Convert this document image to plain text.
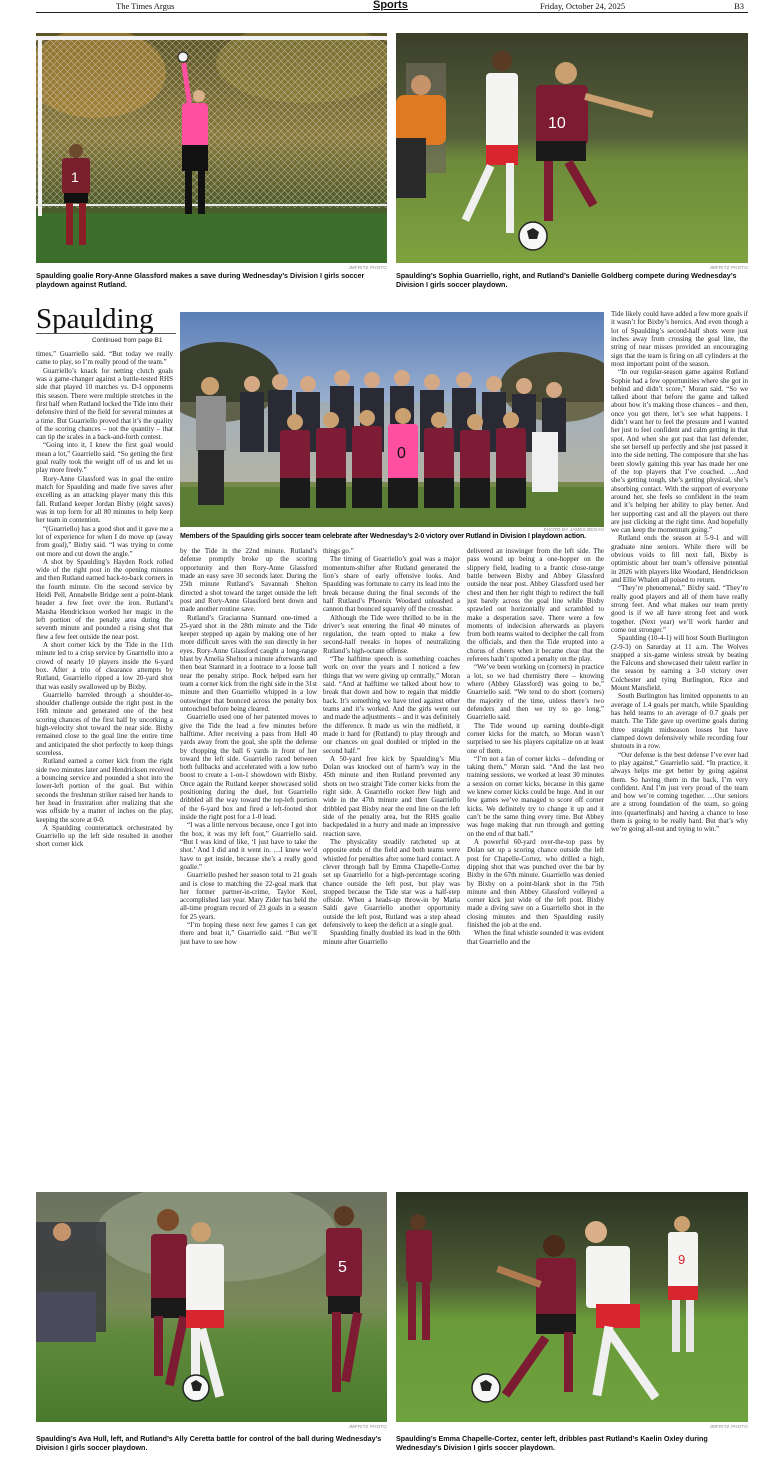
The Times Argus	Sports	Friday, October 24, 2025	B3
1
JMFRITZ PHOTO
Spaulding goalie Rory-Anne Glassford makes a save during Wednesday’s Division I girls soccer playdown against Rutland.
10
JMFRITZ PHOTO
Spaulding’s Sophia Guarriello, right, and Rutland’s Danielle Goldberg compete during Wednesday’s Division I girls soccer playdown.
Spaulding
Continued from page B1
0
PHOTO BY JAMES BEGAN
Members of the Spaulding girls soccer team celebrate after Wednesday’s 2-0 victory over Rutland in Division I playdown action.

times,” Guarriello said. “But today we really came to play, so I’m really proud of the team.”

Guarriello’s knack for netting clutch goals was a game-changer against a battle-tested RHS side that played 10 matches vs. D-I opponents this season. There were multiple stretches in the first half when Rutland locked the Tide into their defensive third of the field for several minutes at a time. But Guarriello proved that it’s the quality of the scoring chances – not the quantity – that can tip the scales in a back-and-forth contest.

“Going into it, I knew the first goal would mean a lot,” Guarriello said. “So getting the first goal really took the weight off of us and let us play more freely.”

Rory-Anne Glassford was in goal the entire match for Spaulding and made five saves after excelling as an attacking player many this this fall. Rutland keeper Jordan Bixby (eight saves) was in top form for all 80 minutes to help keep her team in contention.

“(Guarriello) has a good shot and it gave me a lot of experience for when I do move up (away from goal),” Bixby said. “I was trying to come out more and cut down the angle.”

A shot by Spaulding’s Hayden Rock rolled wide of the right post in the opening minutes and then Rutland earned back-to-back corners in the fourth minute. On the second service by Heidi Pell, Annabelle Bridge sent a point-blank header a few feet over the iron. Rutland’s Maisha Hendrickson worked her magic in the left portion of the penalty area during the seventh minute and pounded a rising shot that flew a few feet outside the near post.

A short corner kick by the Tide in the 11th minute led to a crisp service by Guarriello into a crowd of nearly 10 players inside the 6-yard box. After a trio of clearance attempts by Rutland, Guarriello ripped a low 20-yard shot that was easily swallowed up by Bixby.

Guarriello barreled through a shoulder-to-shoulder challenge outside the right post in the 16th minute and generated one of the best scoring chances of the first half by uncorking a high-velocity shot toward the near side. Bixby remained close to the goal line the entire time and anticipated the shot perfectly to keep things scoreless.

Rutland earned a corner kick from the right side two minutes later and Hendricksen received a bouncing service and pounded a shot into the lower-left portion of the goal. But within seconds the freshman striker raised her hands to her head in frustration after realizing that she was offside by a matter of inches on the play, keeping the score at 0-0.

A Spaulding counterattack orchestrated by Guarriello up the left side resulted in another short corner kick

by the Tide in the 22nd minute. Rutland’s defense promptly broke up the scoring opportunity and then Rory-Anne Glassford made an easy save 30 seconds later. During the 25th minute Rutland’s Savannah Shelton directed a shot toward the target outside the left post and Rory-Anne Glassford bent down and made another routine save.

Rutland’s Gracianna Stannard one-timed a 25-yard shot in the 28th minute and the Tide keeper stepped up again by making one of her more difficult saves with the sun directly in her eyes. Rory-Anne Glassford caught a long-range blast by Amelia Shelton a minute afterwards and then beat Stannard in a footrace to a loose ball near the penalty stripe. Rock helped earn her team a corner kick from the right side in the 31st minute and then Guarriello whipped in a low outswinger that bounced across the penalty box untouched before being cleared.

Guarriello used one of her patented moves to give the Tide the lead a few minutes before halftime. After receiving a pass from Hull 40 yards away from the goal, she split the defense by chopping the ball 6 yards in front of her toward the left side. Guarriello raced between both fullbacks and accelerated with a low turbo boost to create a 1-on-1 showdown with Bixby. Once again the Rutland keeper showcased solid positioning during the duel, but Guarriello dribbled all the way toward the top-left portion of the 6-yard box and fired a left-footed shot inside the right post for a 1-0 lead.

“I was a little nervous because, once I got into the box, it was my left foot,” Guarriello said. “But I was kind of like, ‘I just have to take the shot.’ And I did and it went in. …I knew we’d have to get inside, because she’s a really good goalie.”

Guarriello pushed her season total to 21 goals and is close to matching the 22-goal mark that her former partner-in-crime, Taylor Keel, accomplished last year. Mary Zider has held the all-time program record of 23 goals in a season for 25 years.

“I’m hoping these next few games I can get there and beat it,” Guarriello said. “But we’ll just have to see how

things go.”

The timing of Guarriello’s goal was a major momentum-shifter after Rutland generated the lion’s share of early offensive looks. And Spaulding was fortunate to carry its lead into the break because during the final seconds of the half Rutland’s Phoenix Woodard unleashed a cannon that bounced squarely off the crossbar.

Although the Tide were thrilled to be in the driver’s seat entering the final 40 minutes of regulation, the team opted to make a few second-half tweaks in hopes of neutralizing Rutland’s high-octane offense.

“The halftime speech is something coaches work on over the years and I noticed a few things that we were giving up centrally,” Moran said. “And at halftime we talked about how to break that down and how to regain that middle back. It’s something we have tried against other teams and it’s worked. And the girls went out and made the adjustments – and it was definitely the difference. It made us win the midfield, it made it hard for (Rutland) to play through and our chances on goal doubled or tripled in the second half.”

A 50-yard free kick by Spaulding’s Mia Dolan was knocked out of harm’s way in the 45th minute and then Rutland prevented any shots on two straight Tide corner kicks from the right side. A Guarriello rocket flew high and wide in the 47th minute and then Guarriello dribbled past Bixby near the end line on the left side of the penalty area, but the RHS goalie backpedaled in a hurry and made an impressive reaction save.

The physicality steadily ratcheted up at opposite ends of the field and both teams were whistled for penalties after some hard contact. A clever through ball by Emma Chapelle-Cortez set up Guarriello for a high-percentage scoring chance outside the left post, but play was stopped because the Tide star was a half-step offside. When a heads-up throw-in by Maria Saldi gave Guarriello another opportunity outside the left post, Rutland was a step ahead defensively to keep the deficit at a single goal.

Spaulding finally doubled its lead in the 60th minute after Guarriello

delivered an inswinger from the left side. The pass wound up being a one-hopper on the slippery field, leading to a frantic close-range battle between Bixby and Abbey Glassford outside the near post. Abbey Glassford used her chest and then her right thigh to redirect the ball just barely across the goal line while Bixby sprawled out horizontally and scrambled to make a desperation save. There were a few moments of indecision afterwards as players from both teams waited to decipher the call from the officials, and then the Tide erupted into a chorus of cheers when it became clear that the referees hadn’t spotted a penalty on the play.

“We’ve been working on (corners) in practice a lot, so we had chemistry there – knowing where (Abbey Glassford) was going to be,” Guarriello said. “We tend to do short (corners) the majority of the time, unless there’s two defenders and then we try to go long,” Guarriello said.

The Tide wound up earning double-digit corner kicks for the match, so Moran wasn’t surprised to see his players capitalize on at least one of them.

“I’m not a fan of corner kicks – defending or taking them,” Moran said. “And the last two training sessions, we worked at least 30 minutes a session on corner kicks, because in this game we knew corner kicks could be huge. And in our few games we’ve managed to score off corner kicks. We definitely try to change it up and it can’t be the same thing every time. But Abbey was huge making that run through and getting on the end of that ball.”

A powerful 60-yard over-the-top pass by Dolan set up a scoring chance outside the left post for Chapelle-Cortez, who drilled a high, dipping shot that was punched over the bar by Bixby in the 67th minute. Guarriello was denied by Bixby on a point-blank shot in the 75th minute and then Abbey Glassford volleyed a corner kick just wide of the left post. Bixby made a diving save on a Guarriello shot in the closing minutes and then Spaulding easily finished the job at the end.

When the final whistle sounded it was evident that Guarriello and the

Tide likely could have added a few more goals if it wasn’t for Bixby’s heroics. And even though a lot of Spaulding’s second-half shots were just inches away from crossing the goal line, the string of near misses provided an encouraging sign that the team is firing on all cylinders at the most important point of the season.

“In our regular-season game against Rutland Sophie had a few opportunities where she got in behind and didn’t score,” Moran said. “So we talked about that before the game and talked about how it’s making those chances – and then, once you get there, let’s see what happens. I didn’t want her to feel the pressure and I wanted her just to feel confident and calm getting in that spot. And when she got past that last defender, she set herself up perfectly and she just passed it into the side netting. The composure that she has been slowly gaining this year has made her one of the top players that I’ve coached. …And she’s getting tough, she’s getting physical, she’s absorbing contact. With the support of everyone around her, she feels so confident in the team and it’s helping her ability to play better. And her supporting cast and all the players out there are just clicking at the right time. And hopefully we can keep the momentum going.”

Rutland ends the season at 5-9-1 and will graduate nine seniors. While there will be obvious voids to fill next fall, Bixby is optimistic about her team’s offensive potential in 2026 with players like Woodard, Hendrickson and Ellie Whalen all poised to return.

“They’re phenomenal,” Bixby said. “They’re really good players and all of them have really strong feet. And what makes our team pretty good is if we all have strong feet and work together. (Next year) we’ll work harder and come out stronger.”

Spaulding (10-4-1) will host South Burlington (2-9-3) on Saturday at 11 a.m. The Wolves snapped a six-game winless streak by beating the Falcons and showcased their talent earlier in the season by earning a 3-0 victory over Colchester and tying Burlington, Rice and Mount Mansfield.

South Burlington has limited opponents to an average of 1.4 goals per match, while Spaulding has held teams to an average of 0.7 goals per match. The Tide gave up overtime goals during three straight midseason losses but have clamped down defensively while recording four shutouts in a row.

“Our defense is the best defense I’ve ever had to play against,” Guarriello said. “In practice, it always helps me get better by going against them. So having them in the back, I’m very confident. And I’m just very proud of the team and how we’re coming together. …Our seniors are a strong foundation of the team, so going into (quarterfinals) and having a chance to lose them is going to be really hard. But that’s why we’re going all-out and trying to win.”

5
JMFRITZ PHOTO
Spaulding’s Ava Hull, left, and Rutland’s Ally Ceretta battle for control of the ball during Wednesday’s Division I girls soccer playdown.
9
JMFRITZ PHOTO
Spaulding’s Emma Chapelle-Cortez, center left, dribbles past Rutland’s Kaelin Oxley during Wednesday’s Division I girls soccer playdown.
